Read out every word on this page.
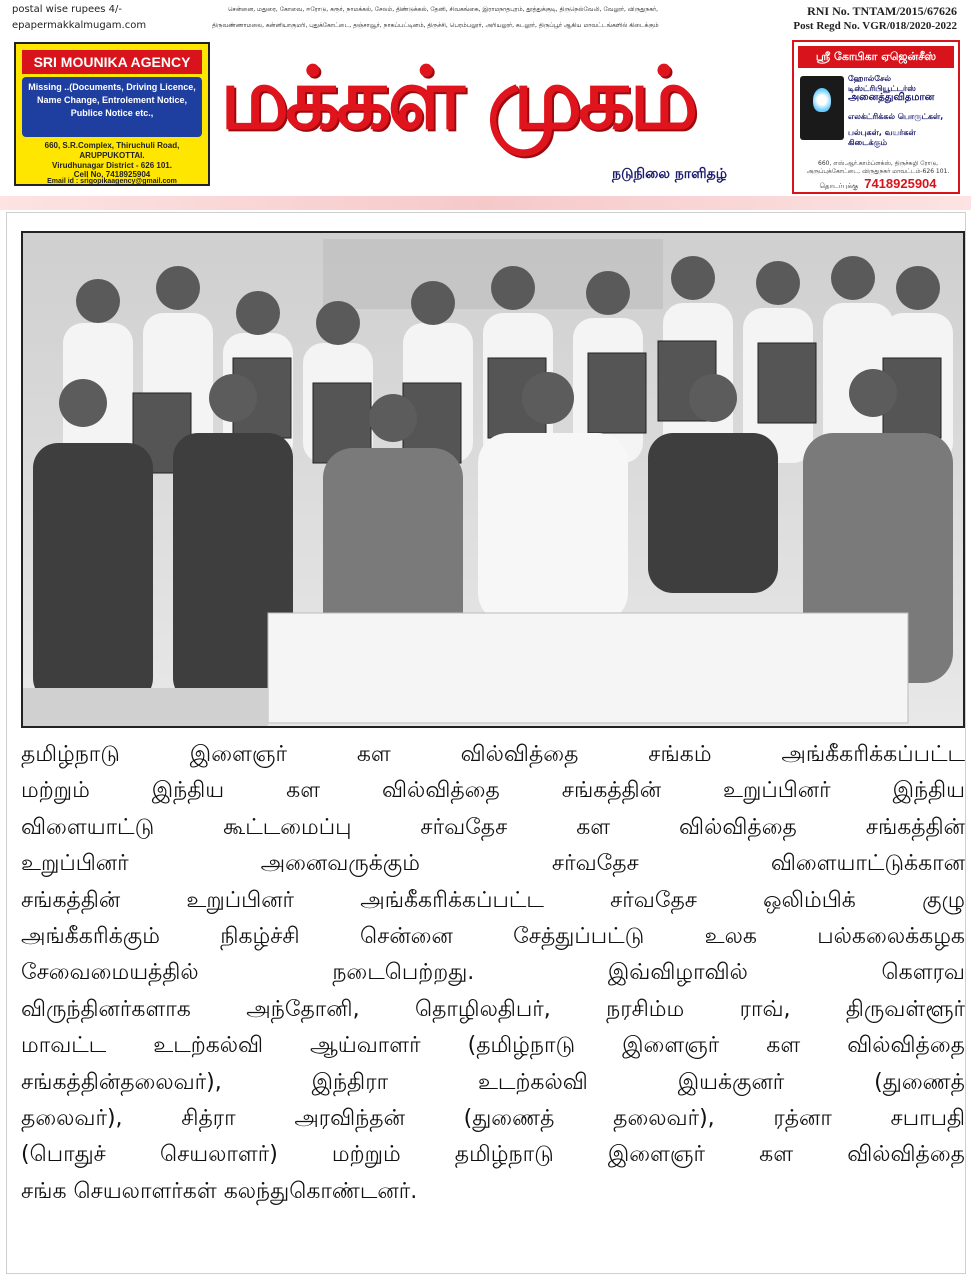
postal wise rupees 4/-
epapermakkalmugam.com
சென்னை, மதுரை, கோவை, ஈரோடு, கரூர், நாமக்கல், சேலம், திண்டுக்கல், தேனி, சிவகங்கை, இராமநாதபுரம், தூத்துக்குடி, திருநெல்வேலி, வேலூர், விருதுநகர்,
திருவண்ணாமலை, கன்னியாகுமரி, புதுக்கோட்டை, தஞ்சாவூர், நாகப்பட்டினம், திருச்சி, பெரம்பலூர், அரியலூர், கடலூர், திருப்பூர் ஆகிய மாவட்டங்களில் கிடைக்கும்
RNI No. TNTAM/2015/67626
Post Regd No. VGR/018/2020-2022
SRI MOUNIKA AGENCY
Missing ..(Documents, Driving Licence, Name Change, Entrolement Notice, Publice Notice etc.,
660, S.R.Complex, Thiruchuli Road,
ARUPPUKOTTAI.
Virudhunagar District - 626 101.
Cell No. 7418925904
Email id : srigopikaagency@gmail.com
மக்கள் முகம்
நடுநிலை நாளிதழ்
ஸ்ரீ கோபிகா ஏஜென்சீஸ்
ஹோல்சேல் டிஸ்ட்ரிபியூட்டர்ஸ்
அனைத்துவிதமான
எலக்ட்ரிக்கல் பொருட்கள்,
பல்புகள், வயர்கள் கிடைக்கும்
660, எஸ்.ஆர்.காம்ப்ளக்ஸ், திருச்சுழி ரோடு, அருப்புக்கோட்டை, விருதுநகர் மாவட்டம்-626 101.
தொடர்புக்கு 7418925904
தமிழ்நாடு இளைஞர் கள வில்வித்தை சங்கம் அங்கீகரிக்கப்பட்ட
மற்றும் இந்திய கள வில்வித்தை சங்கத்தின் உறுப்பினர் இந்திய
விளையாட்டு கூட்டமைப்பு சர்வதேச கள வில்வித்தை சங்கத்தின்
உறுப்பினர் அனைவருக்கும் சர்வதேச விளையாட்டுக்கான
சங்கத்தின் உறுப்பினர் அங்கீகரிக்கப்பட்ட சர்வதேச ஒலிம்பிக் குழு
அங்கீகரிக்கும் நிகழ்ச்சி சென்னை சேத்துப்பட்டு உலக பல்கலைக்கழக
சேவைமையத்தில் நடைபெற்றது. இவ்விழாவில் கௌரவ
விருந்தினர்களாக அந்தோனி, தொழிலதிபர், நரசிம்ம ராவ், திருவள்ளூர்
மாவட்ட உடற்கல்வி ஆய்வாளர் (தமிழ்நாடு இளைஞர் கள வில்வித்தை
சங்கத்தின்தலைவர்), இந்திரா உடற்கல்வி இயக்குனர் (துணைத்
தலைவர்), சித்ரா அரவிந்தன் (துணைத் தலைவர்), ரத்னா சபாபதி
(பொதுச் செயலாளர்) மற்றும் தமிழ்நாடு இளைஞர் கள வில்வித்தை
சங்க செயலாளர்கள் கலந்துகொண்டனர்.
